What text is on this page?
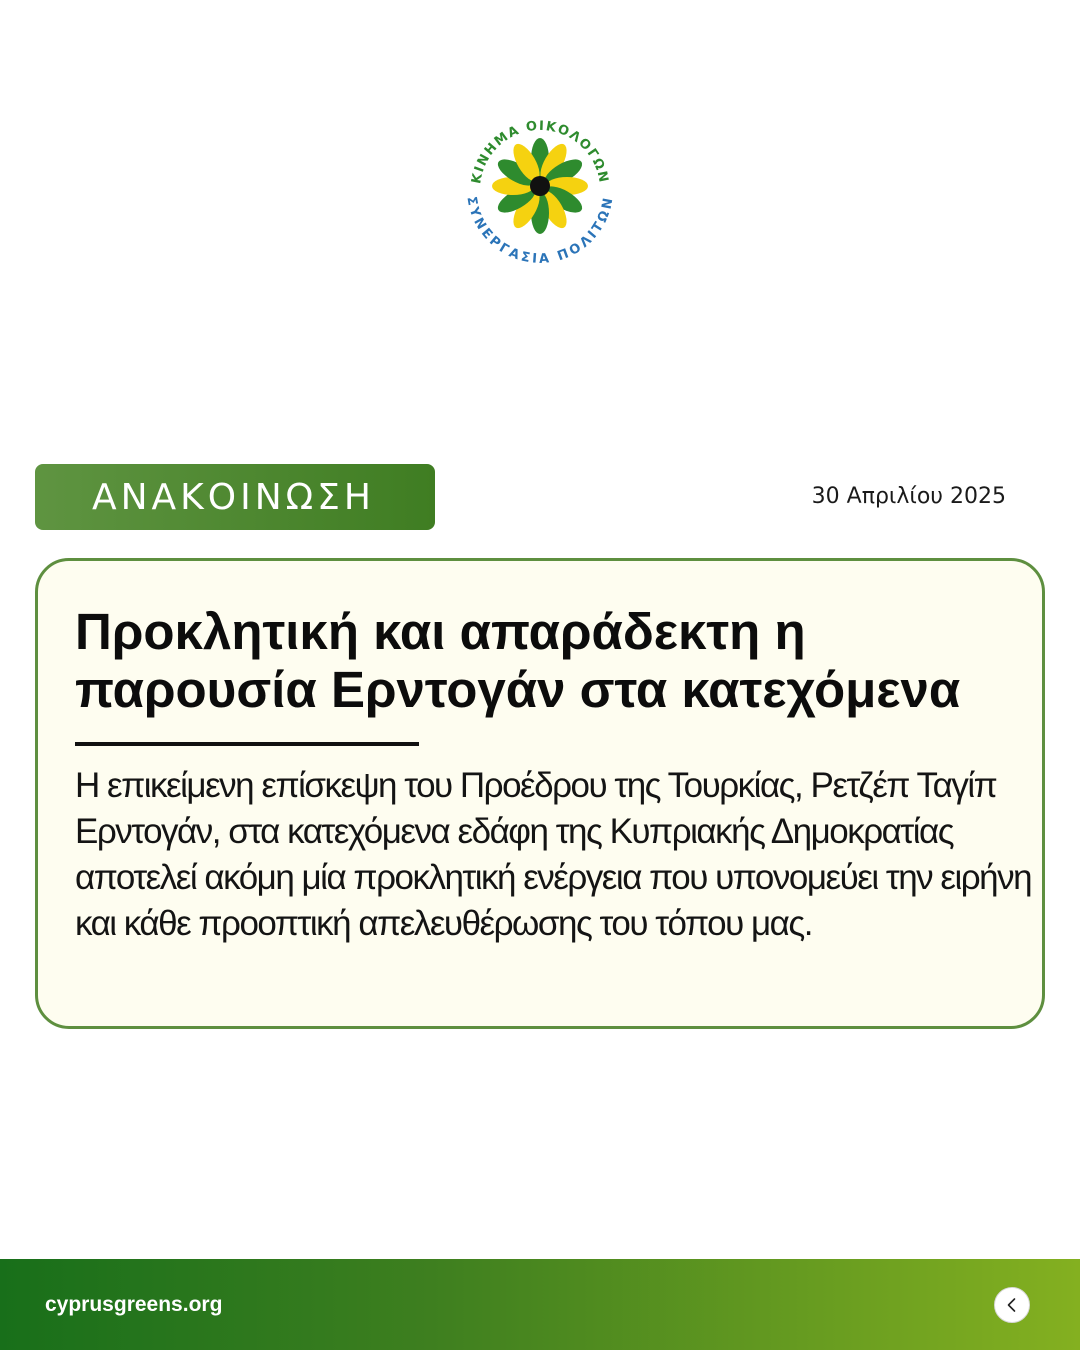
ΚΙΝΗΜΑ ΟΙΚΟΛΟΓΩΝ
ΣΥΝΕΡΓΑΣΙΑ ΠΟΛΙΤΩΝ
ΑΝΑΚΟΙΝΩΣΗ	30 Απριλίου 2025
Προκλητική και απαράδεκτη η παρουσία Ερντογάν στα κατεχόμενα

Η επικείμενη επίσκεψη του Προέδρου της Τουρκίας, Ρετζέπ Ταγίπ Ερντογάν, στα κατεχόμενα εδάφη της Κυπριακής Δημοκρατίας αποτελεί ακόμη μία προκλητική ενέργεια που υπονομεύει την ειρήνη και κάθε προοπτική απελευθέρωσης του τόπου μας.

cyprusgreens.org
